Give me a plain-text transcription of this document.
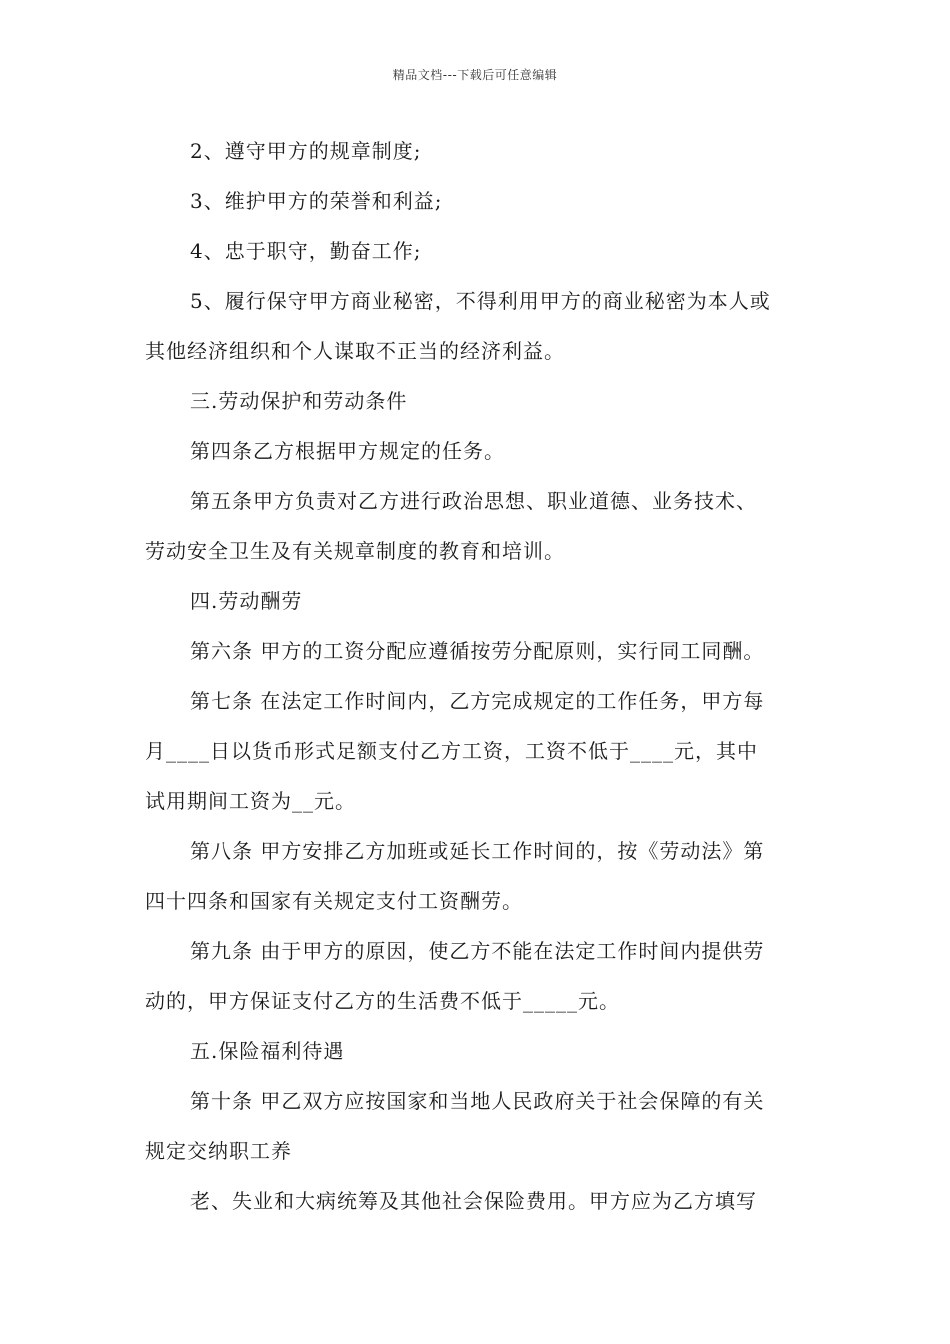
精品文档---下载后可任意编辑
2、遵守甲方的规章制度;
3、维护甲方的荣誉和利益;
4、忠于职守，勤奋工作;
5、履行保守甲方商业秘密，不得利用甲方的商业秘密为本人或
其他经济组织和个人谋取不正当的经济利益。
三.劳动保护和劳动条件
第四条乙方根据甲方规定的任务。
第五条甲方负责对乙方进行政治思想、职业道德、业务技术、
劳动安全卫生及有关规章制度的教育和培训。
四.劳动酬劳
第六条 甲方的工资分配应遵循按劳分配原则，实行同工同酬。
第七条 在法定工作时间内，乙方完成规定的工作任务，甲方每
月____日以货币形式足额支付乙方工资，工资不低于____元，其中
试用期间工资为__元。
第八条 甲方安排乙方加班或延长工作时间的，按《劳动法》第
四十四条和国家有关规定支付工资酬劳。
第九条 由于甲方的原因，使乙方不能在法定工作时间内提供劳
动的，甲方保证支付乙方的生活费不低于_____元。
五.保险福利待遇
第十条 甲乙双方应按国家和当地人民政府关于社会保障的有关
规定交纳职工养
老、失业和大病统筹及其他社会保险费用。甲方应为乙方填写
